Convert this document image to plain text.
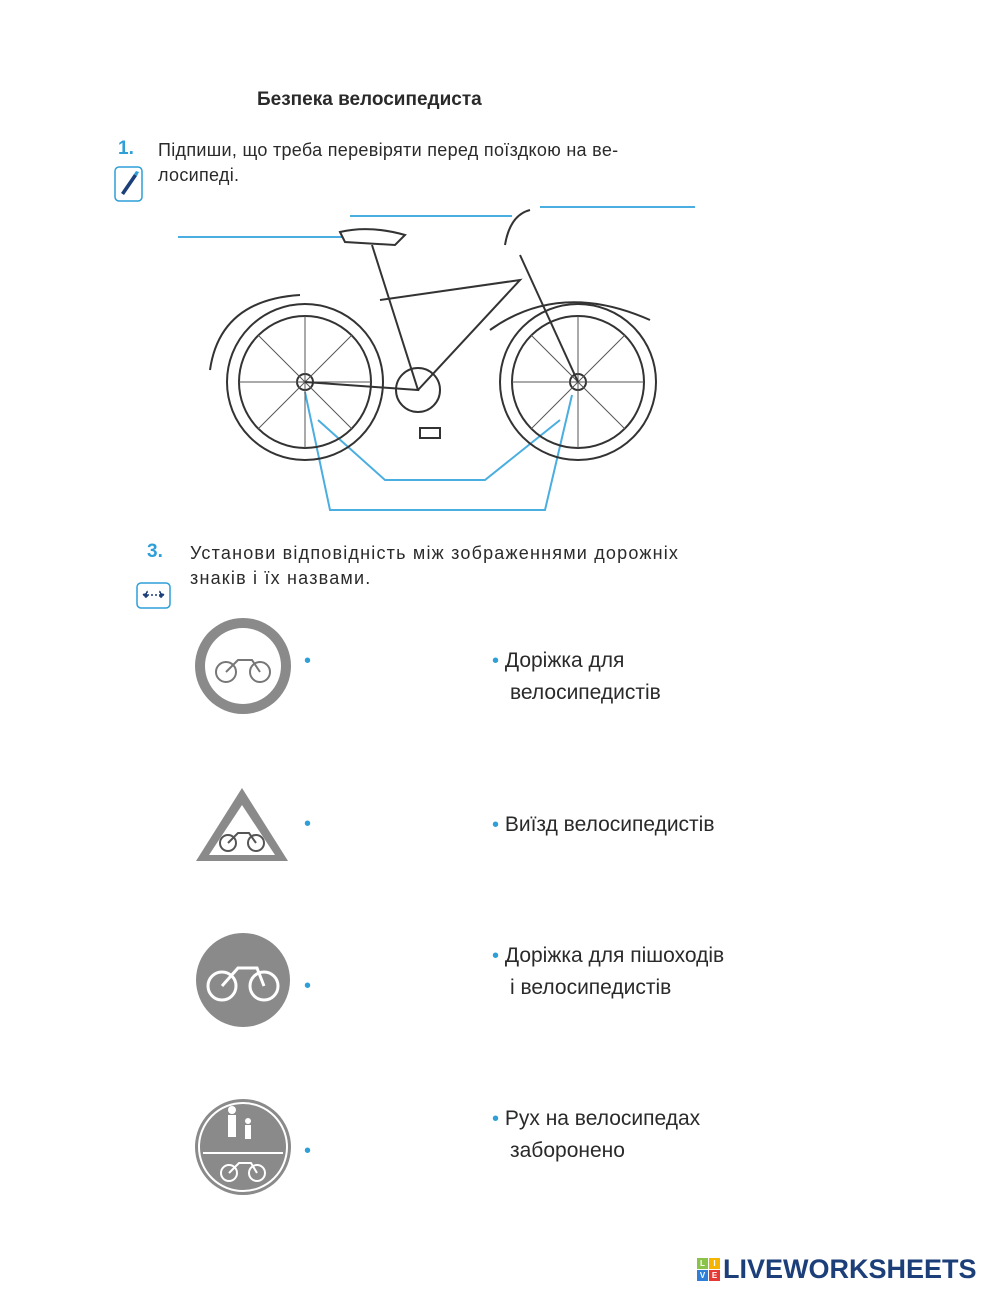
Безпека велосипедиста
1. Підпиши, що треба перевіряти перед поїздкою на ве-
лосипеді.
3. Установи відповідність між зображеннями дорожніх
знаків і їх назвами.
•
•
•
•
• Доріжка для
велосипедистів
• Виїзд велосипедистів
• Доріжка для пішоходів
і велосипедистів
• Рух на велосипедах
заборонено
L	I
V E LIVEWORKSHEETS
